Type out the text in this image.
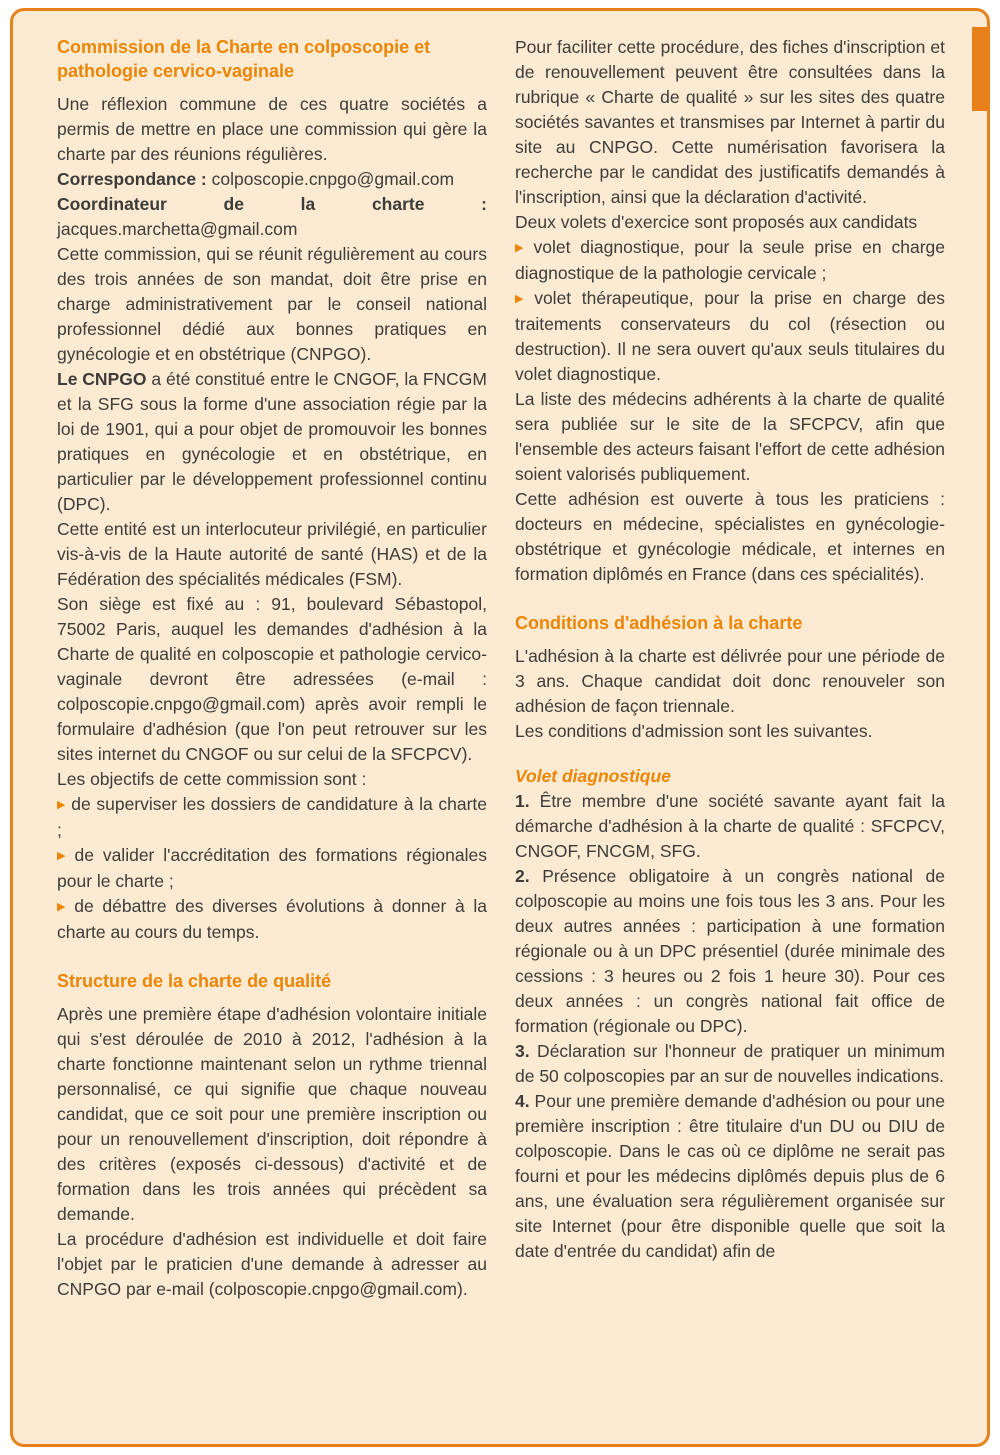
Commission de la Charte en colposcopie et pathologie cervico-vaginale

Une réflexion commune de ces quatre sociétés a permis de mettre en place une commission qui gère la charte par des réunions régulières.

Correspondance : colposcopie.cnpgo@gmail.com

Coordinateur de la charte : jacques.marchetta@gmail.com

Cette commission, qui se réunit régulièrement au cours des trois années de son mandat, doit être prise en charge administrativement par le conseil national professionnel dédié aux bonnes pratiques en gynécologie et en obstétrique (CNPGO).

Le CNPGO a été constitué entre le CNGOF, la FNCGM et la SFG sous la forme d'une association régie par la loi de 1901, qui a pour objet de promouvoir les bonnes pratiques en gynécologie et en obstétrique, en particulier par le développement professionnel continu (DPC).

Cette entité est un interlocuteur privilégié, en particulier vis-à-vis de la Haute autorité de santé (HAS) et de la Fédération des spécialités médicales (FSM).

Son siège est fixé au : 91, boulevard Sébastopol, 75002 Paris, auquel les demandes d'adhésion à la Charte de qualité en colposcopie et pathologie cervico-vaginale devront être adressées (e-mail : colposcopie.cnpgo@gmail.com) après avoir rempli le formulaire d'adhésion (que l'on peut retrouver sur les sites internet du CNGOF ou sur celui de la SFCPCV).

Les objectifs de cette commission sont :

▶ de superviser les dossiers de candidature à la charte ;

▶ de valider l'accréditation des formations régionales pour le charte ;

▶ de débattre des diverses évolutions à donner à la charte au cours du temps.

Structure de la charte de qualité

Après une première étape d'adhésion volontaire initiale qui s'est déroulée de 2010 à 2012, l'adhésion à la charte fonctionne maintenant selon un rythme triennal personnalisé, ce qui signifie que chaque nouveau candidat, que ce soit pour une première inscription ou pour un renouvellement d'inscription, doit répondre à des critères (exposés ci-dessous) d'activité et de formation dans les trois années qui précèdent sa demande.

La procédure d'adhésion est individuelle et doit faire l'objet par le praticien d'une demande à adresser au CNPGO par e-mail (colposcopie.cnpgo@gmail.com).

Pour faciliter cette procédure, des fiches d'inscription et de renouvellement peuvent être consultées dans la rubrique « Charte de qualité » sur les sites des quatre sociétés savantes et transmises par Internet à partir du site au CNPGO. Cette numérisation favorisera la recherche par le candidat des justificatifs demandés à l'inscription, ainsi que la déclaration d'activité.

Deux volets d'exercice sont proposés aux candidats

▶ volet diagnostique, pour la seule prise en charge diagnostique de la pathologie cervicale ;

▶ volet thérapeutique, pour la prise en charge des traitements conservateurs du col (résection ou destruction). Il ne sera ouvert qu'aux seuls titulaires du volet diagnostique.

La liste des médecins adhérents à la charte de qualité sera publiée sur le site de la SFCPCV, afin que l'ensemble des acteurs faisant l'effort de cette adhésion soient valorisés publiquement.

Cette adhésion est ouverte à tous les praticiens : docteurs en médecine, spécialistes en gynécologie-obstétrique et gynécologie médicale, et internes en formation diplômés en France (dans ces spécialités).

Conditions d'adhésion à la charte

L'adhésion à la charte est délivrée pour une période de 3 ans. Chaque candidat doit donc renouveler son adhésion de façon triennale.

Les conditions d'admission sont les suivantes.

Volet diagnostique

1. Être membre d'une société savante ayant fait la démarche d'adhésion à la charte de qualité : SFCPCV, CNGOF, FNCGM, SFG.

2. Présence obligatoire à un congrès national de colposcopie au moins une fois tous les 3 ans. Pour les deux autres années : participation à une formation régionale ou à un DPC présentiel (durée minimale des cessions : 3 heures ou 2 fois 1 heure 30). Pour ces deux années : un congrès national fait office de formation (régionale ou DPC).

3. Déclaration sur l'honneur de pratiquer un minimum de 50 colposcopies par an sur de nouvelles indications.

4. Pour une première demande d'adhésion ou pour une première inscription : être titulaire d'un DU ou DIU de colposcopie. Dans le cas où ce diplôme ne serait pas fourni et pour les médecins diplômés depuis plus de 6 ans, une évaluation sera régulièrement organisée sur site Internet (pour être disponible quelle que soit la date d'entrée du candidat) afin de
